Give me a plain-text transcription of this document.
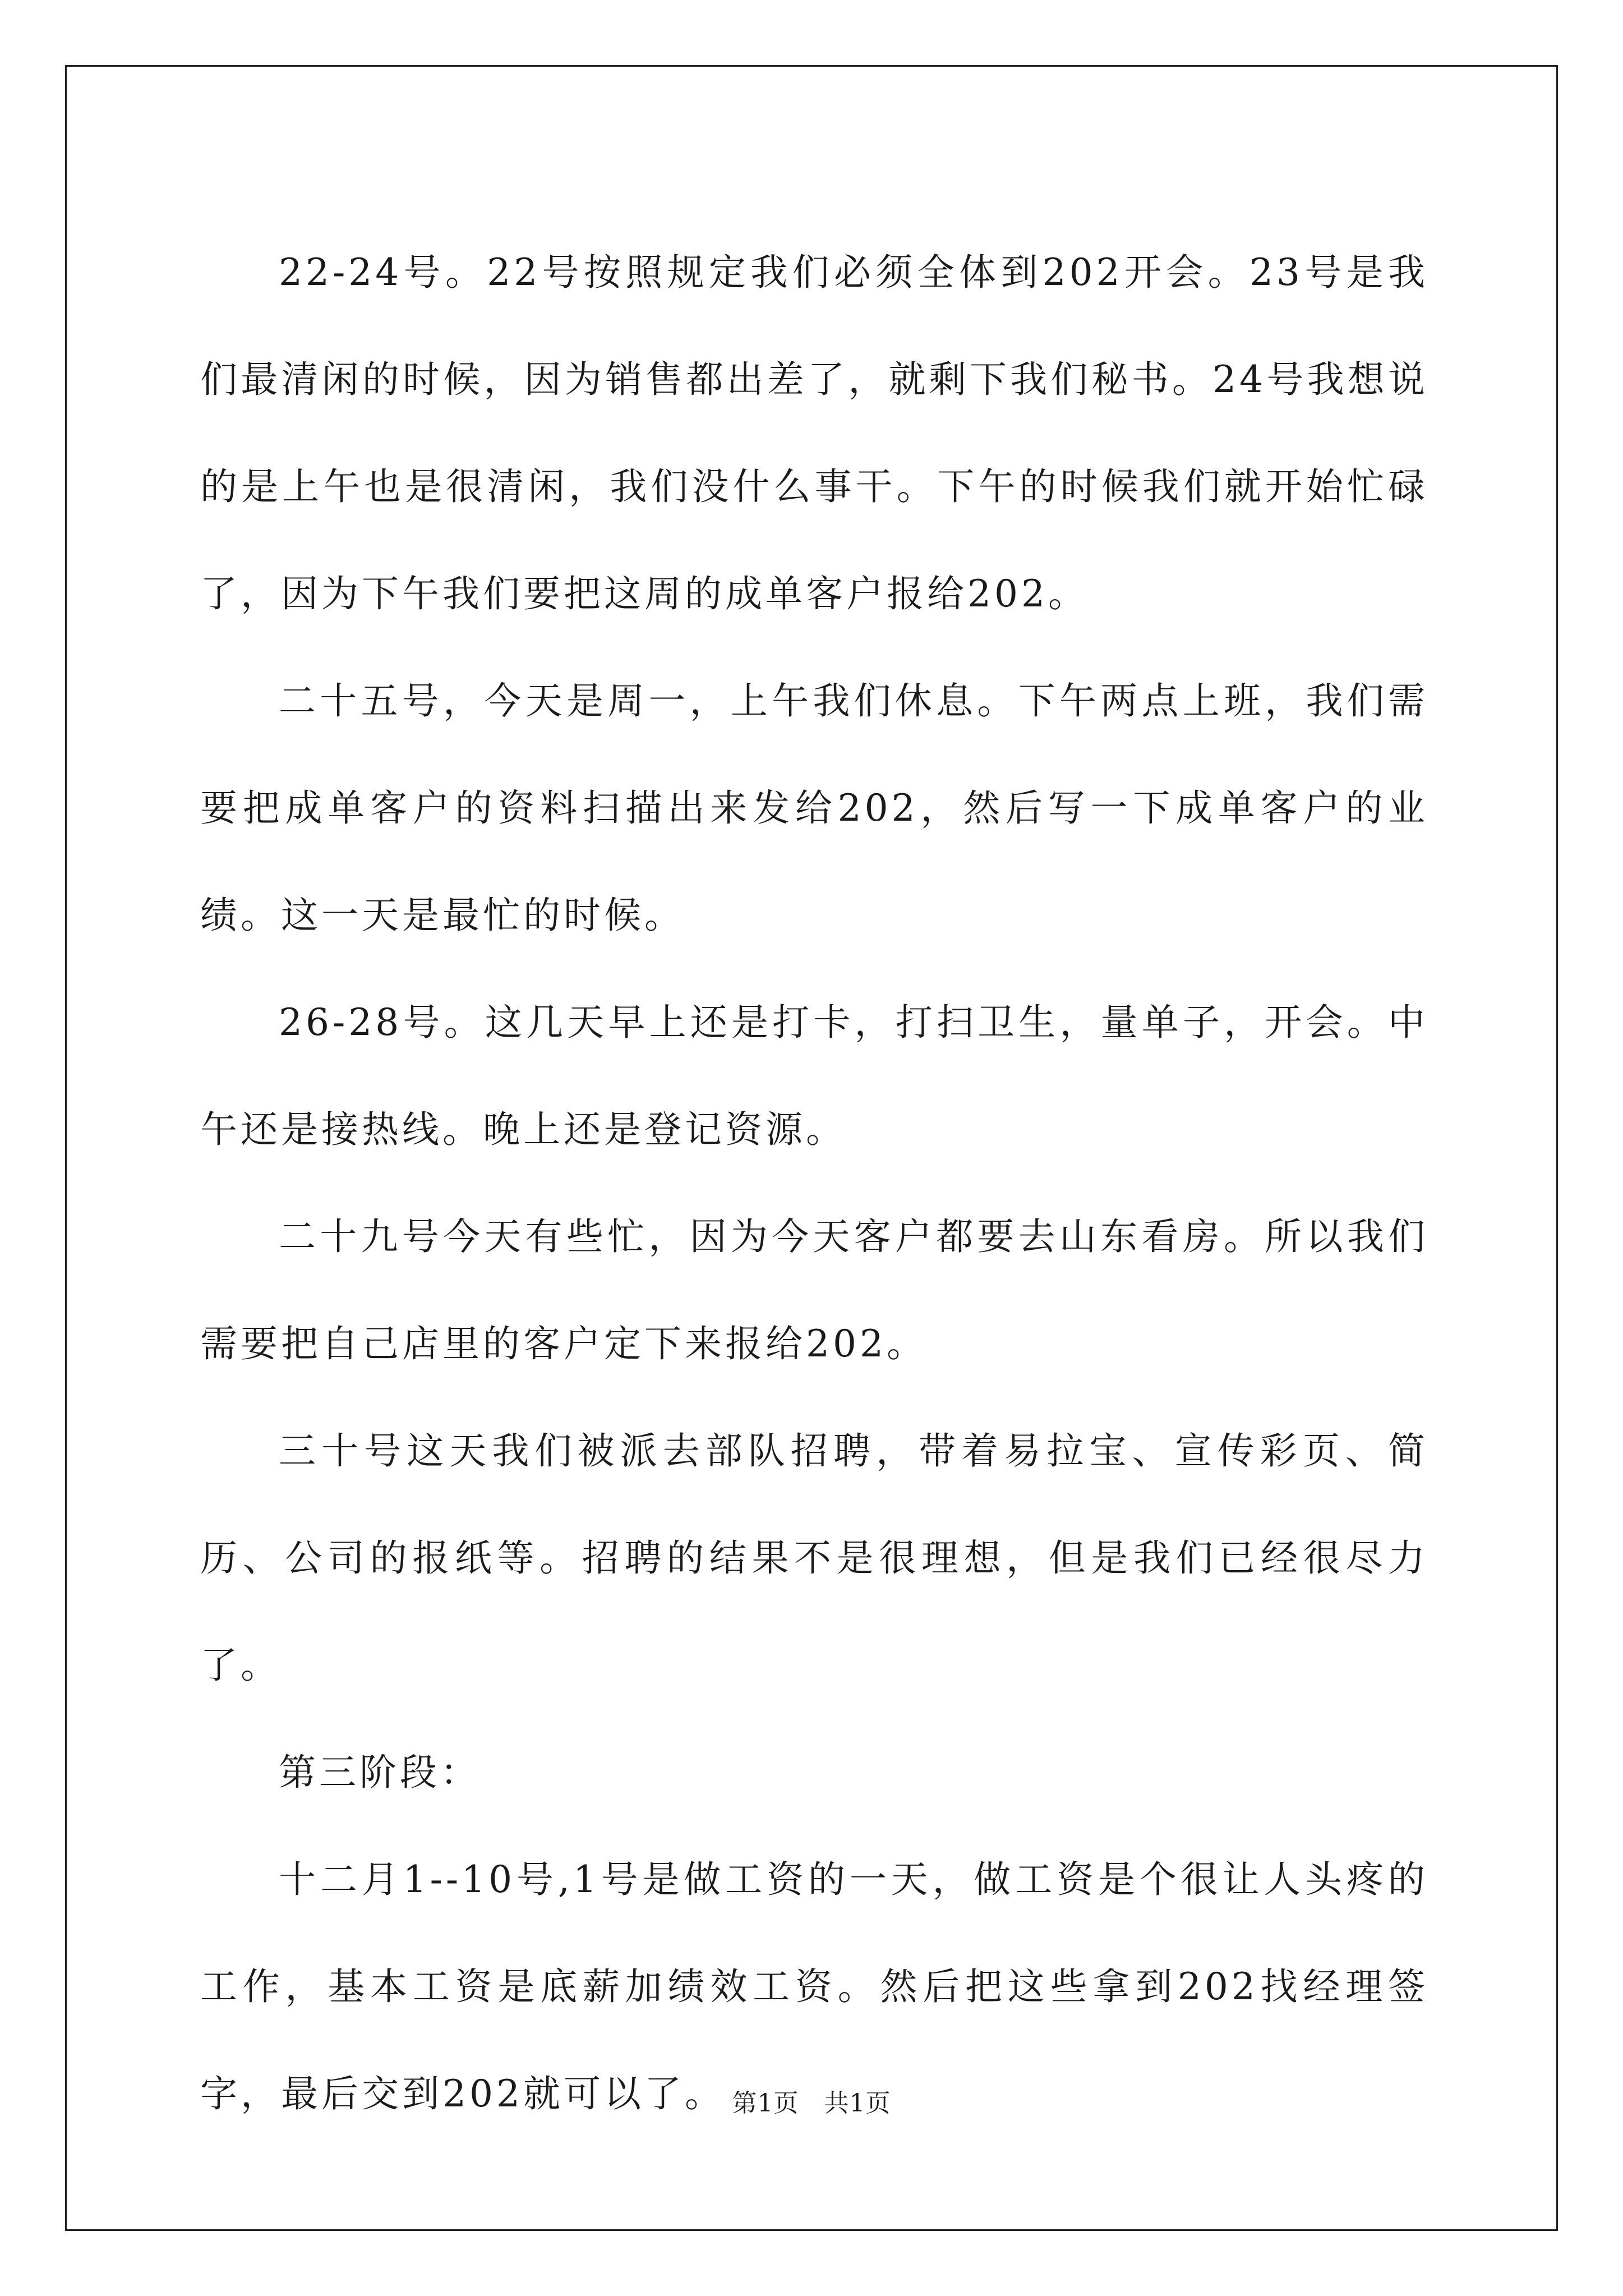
22-24号。22号按照规定我们必须全体到202开会。23号是我们最清闲的时候，因为销售都出差了，就剩下我们秘书。24号我想说的是上午也是很清闲，我们没什么事干。下午的时候我们就开始忙碌了，因为下午我们要把这周的成单客户报给202。

二十五号，今天是周一，上午我们休息。下午两点上班，我们需要把成单客户的资料扫描出来发给202，然后写一下成单客户的业绩。这一天是最忙的时候。

26-28号。这几天早上还是打卡，打扫卫生，量单子，开会。中午还是接热线。晚上还是登记资源。

二十九号今天有些忙，因为今天客户都要去山东看房。所以我们需要把自己店里的客户定下来报给202。

三十号这天我们被派去部队招聘，带着易拉宝、宣传彩页、简历、公司的报纸等。招聘的结果不是很理想，但是我们已经很尽力了。

第三阶段：

十二月1--10号,1号是做工资的一天，做工资是个很让人头疼的工作，基本工资是底薪加绩效工资。然后把这些拿到202找经理签字，最后交到202就可以了。 第1页　共1页
